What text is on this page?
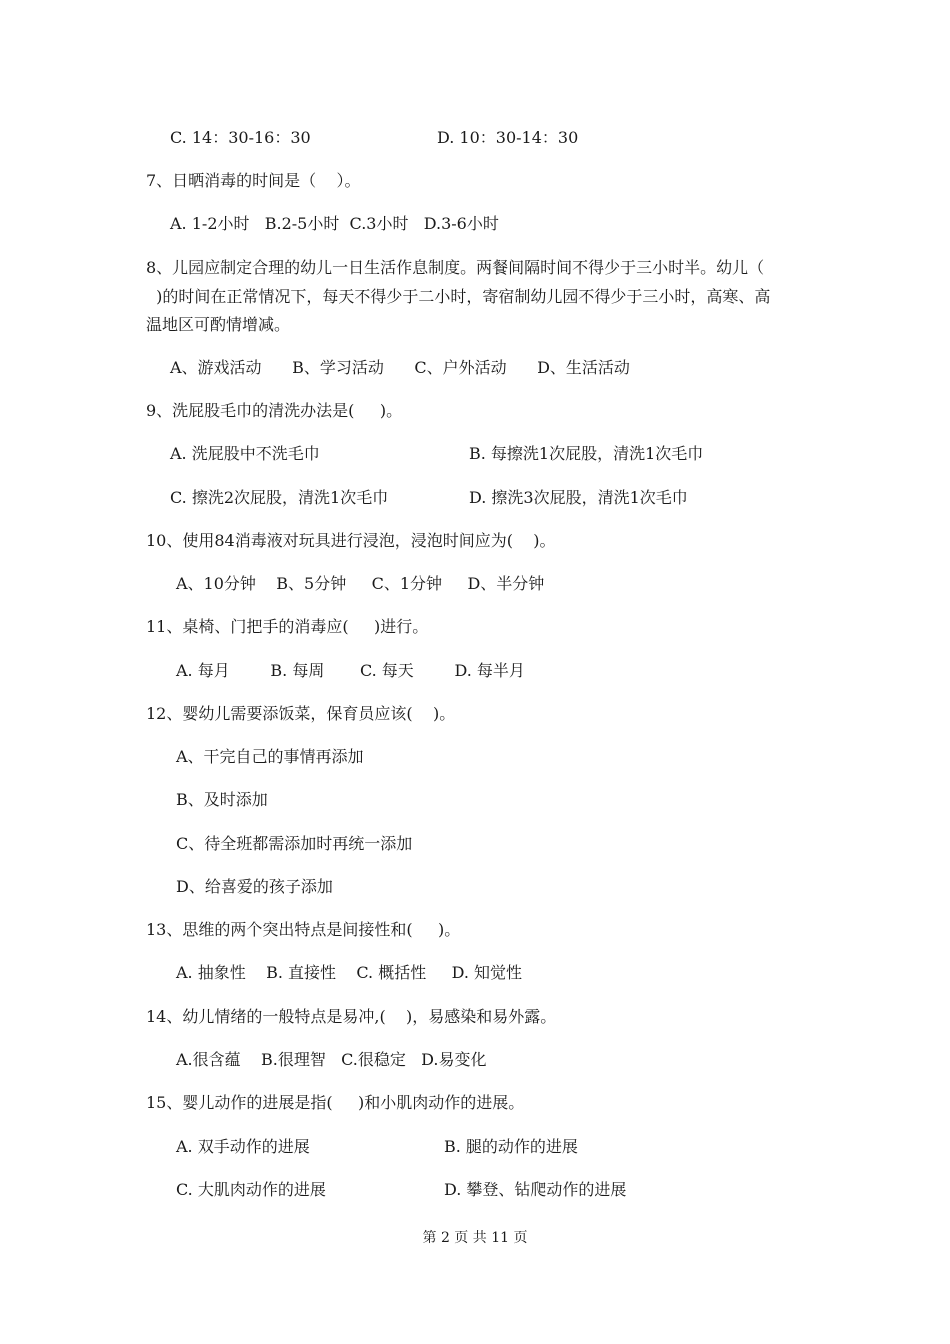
C. 14：30-16：30	D. 10：30-14：30
7、日晒消毒的时间是（    ）。
A. 1-2小时   B.2-5小时  C.3小时   D.3-6小时
8、儿园应制定合理的幼儿一日生活作息制度。两餐间隔时间不得少于三小时半。幼儿（
)的时间在正常情况下，每天不得少于二小时，寄宿制幼儿园不得少于三小时，高寒、高
温地区可酌情增减。
A、游戏活动      B、学习活动      C、户外活动      D、生活活动
9、洗屁股毛巾的清洗办法是(     )。
A. 洗屁股中不洗毛巾	B. 每擦洗1次屁股，清洗1次毛巾
C. 擦洗2次屁股，清洗1次毛巾	D. 擦洗3次屁股，清洗1次毛巾
10、使用84消毒液对玩具进行浸泡，浸泡时间应为(    )。
A、10分钟    B、5分钟     C、1分钟     D、半分钟
11、桌椅、门把手的消毒应(     )进行。
A. 每月        B. 每周       C. 每天        D. 每半月
12、婴幼儿需要添饭菜，保育员应该(    )。
A、干完自己的事情再添加
B、及时添加
C、待全班都需添加时再统一添加
D、给喜爱的孩子添加
13、思维的两个突出特点是间接性和(     )。
A. 抽象性    B. 直接性    C. 概括性     D. 知觉性
14、幼儿情绪的一般特点是易冲,(    )，易感染和易外露。
A.很含蕴    B.很理智   C.很稳定   D.易变化
15、婴儿动作的进展是指(     )和小肌肉动作的进展。
A. 双手动作的进展	B. 腿的动作的进展
C. 大肌肉动作的进展	D. 攀登、钻爬动作的进展
第 2 页 共 11 页
